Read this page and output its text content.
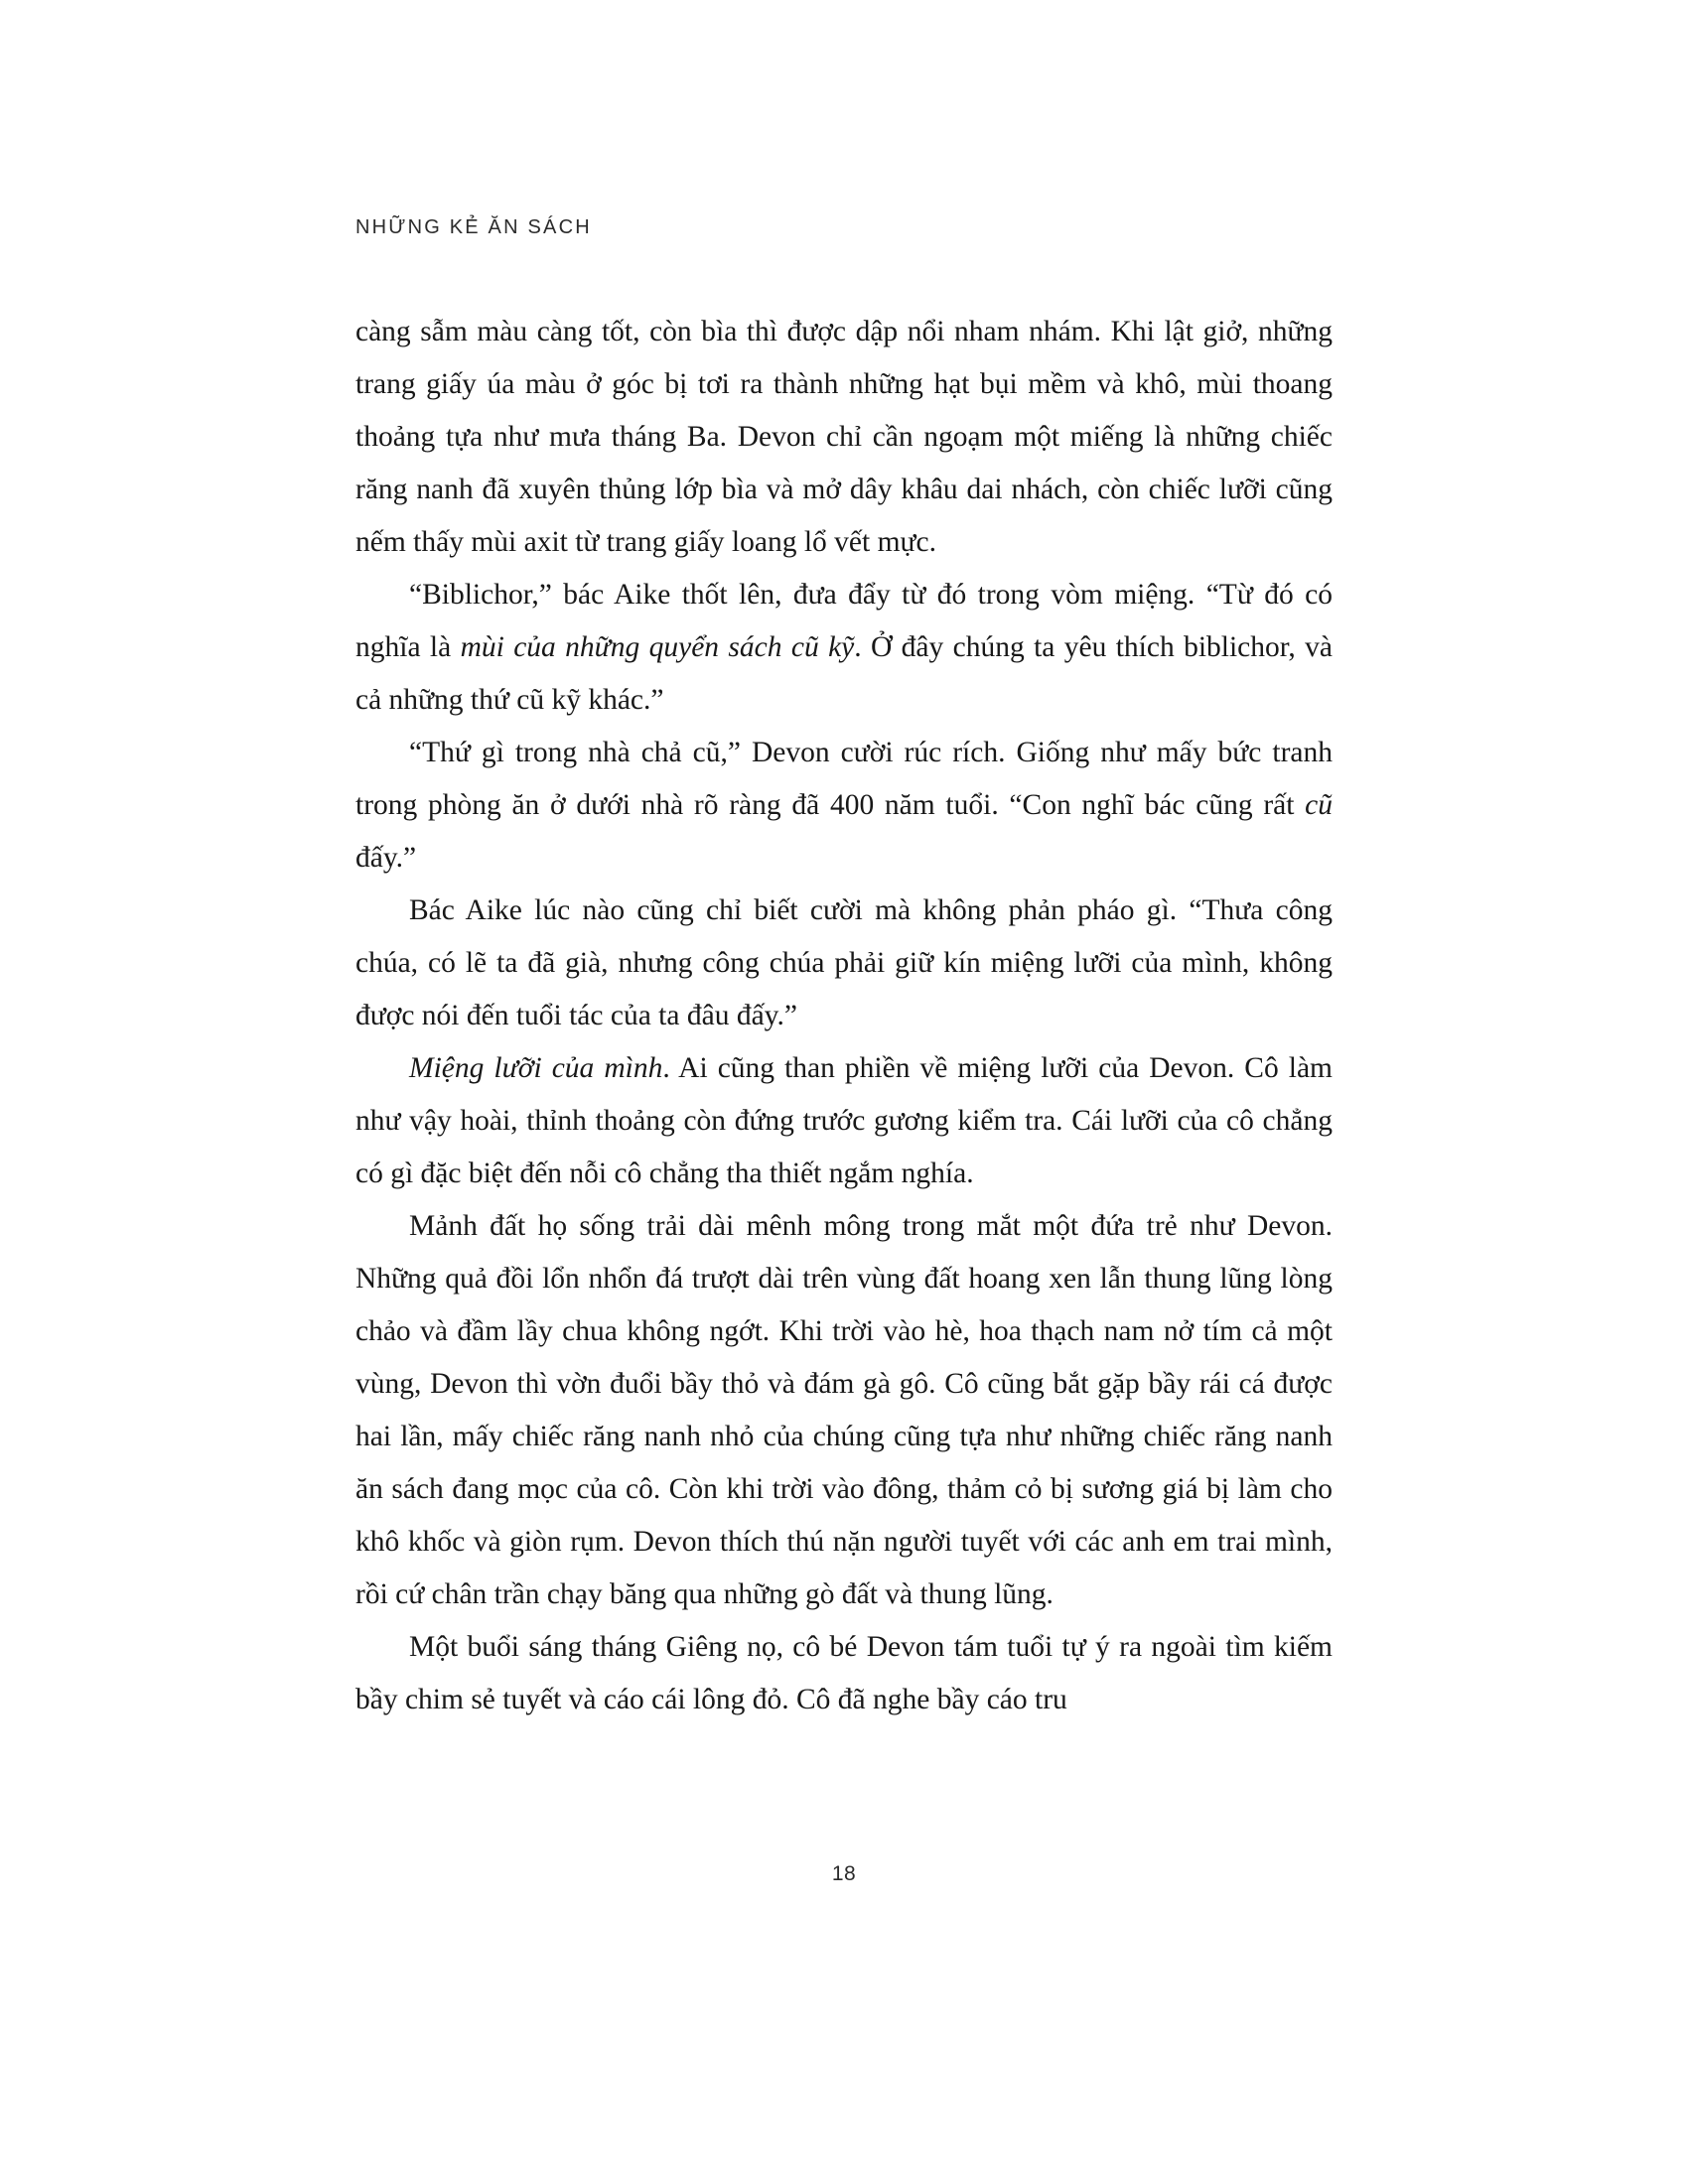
NHỮNG KẺ ĂN SÁCH

càng sẫm màu càng tốt, còn bìa thì được dập nổi nham nhám. Khi lật giở, những trang giấy úa màu ở góc bị tơi ra thành những hạt bụi mềm và khô, mùi thoang thoảng tựa như mưa tháng Ba. Devon chỉ cần ngoạm một miếng là những chiếc răng nanh đã xuyên thủng lớp bìa và mở dây khâu dai nhách, còn chiếc lưỡi cũng nếm thấy mùi axit từ trang giấy loang lổ vết mực.

“Biblichor,” bác Aike thốt lên, đưa đẩy từ đó trong vòm miệng. “Từ đó có nghĩa là mùi của những quyển sách cũ kỹ. Ở đây chúng ta yêu thích biblichor, và cả những thứ cũ kỹ khác.”

“Thứ gì trong nhà chả cũ,” Devon cười rúc rích. Giống như mấy bức tranh trong phòng ăn ở dưới nhà rõ ràng đã 400 năm tuổi. “Con nghĩ bác cũng rất cũ đấy.”

Bác Aike lúc nào cũng chỉ biết cười mà không phản pháo gì. “Thưa công chúa, có lẽ ta đã già, nhưng công chúa phải giữ kín miệng lưỡi của mình, không được nói đến tuổi tác của ta đâu đấy.”

Miệng lưỡi của mình. Ai cũng than phiền về miệng lưỡi của Devon. Cô làm như vậy hoài, thỉnh thoảng còn đứng trước gương kiểm tra. Cái lưỡi của cô chẳng có gì đặc biệt đến nỗi cô chẳng tha thiết ngắm nghía.

Mảnh đất họ sống trải dài mênh mông trong mắt một đứa trẻ như Devon. Những quả đồi lổn nhổn đá trượt dài trên vùng đất hoang xen lẫn thung lũng lòng chảo và đầm lầy chua không ngớt. Khi trời vào hè, hoa thạch nam nở tím cả một vùng, Devon thì vờn đuổi bầy thỏ và đám gà gô. Cô cũng bắt gặp bầy rái cá được hai lần, mấy chiếc răng nanh nhỏ của chúng cũng tựa như những chiếc răng nanh ăn sách đang mọc của cô. Còn khi trời vào đông, thảm cỏ bị sương giá bị làm cho khô khốc và giòn rụm. Devon thích thú nặn người tuyết với các anh em trai mình, rồi cứ chân trần chạy băng qua những gò đất và thung lũng.

Một buổi sáng tháng Giêng nọ, cô bé Devon tám tuổi tự ý ra ngoài tìm kiếm bầy chim sẻ tuyết và cáo cái lông đỏ. Cô đã nghe bầy cáo tru

18
